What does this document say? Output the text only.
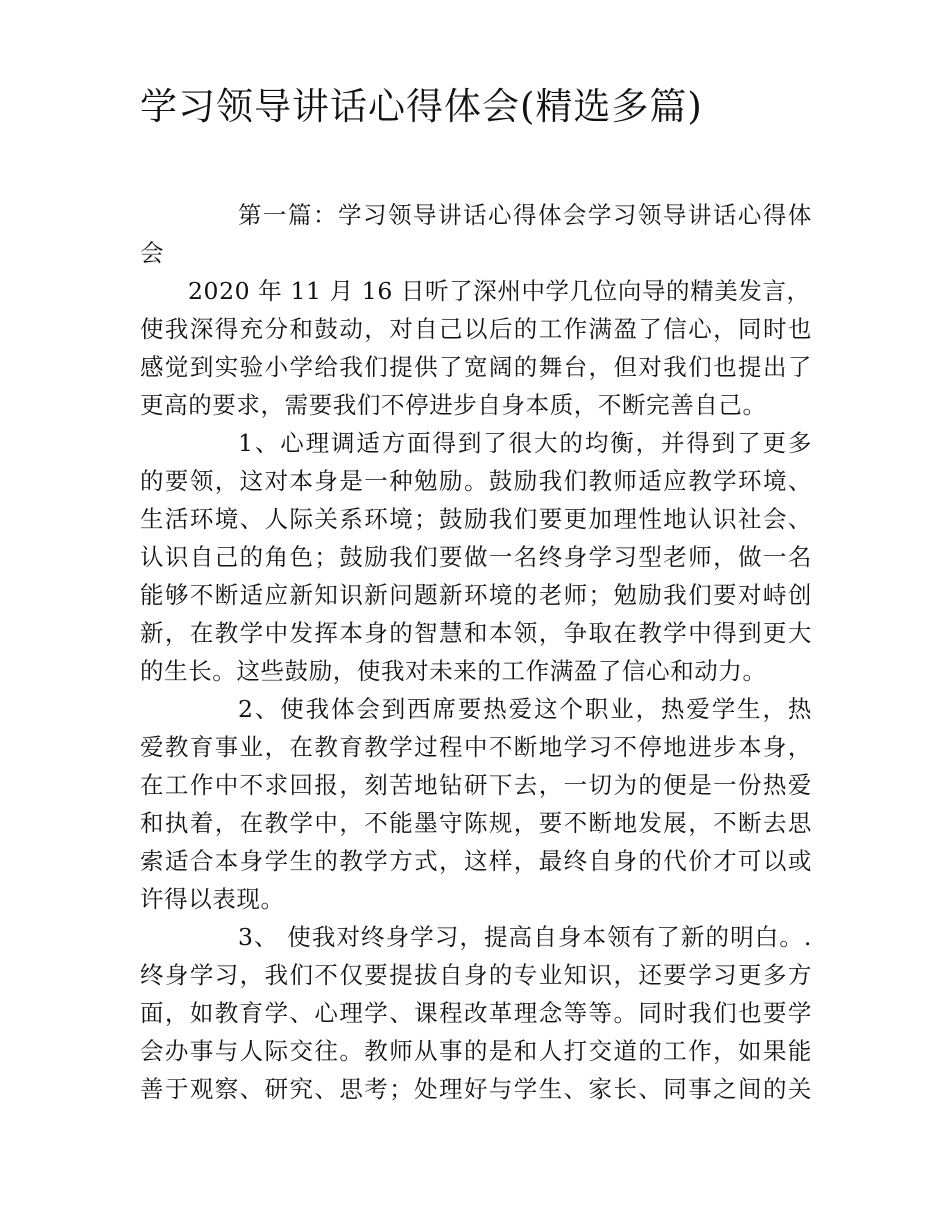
学习领导讲话心得体会(精选多篇)
第一篇：学习领导讲话心得体会学习领导讲话心得体
会
2020 年 11 月 16 日听了深州中学几位向导的精美发言，
使我深得充分和鼓动，对自己以后的工作满盈了信心，同时也
感觉到实验小学给我们提供了宽阔的舞台，但对我们也提出了
更高的要求，需要我们不停进步自身本质，不断完善自己。
1、心理调适方面得到了很大的均衡，并得到了更多
的要领，这对本身是一种勉励。鼓励我们教师适应教学环境、
生活环境、人际关系环境；鼓励我们要更加理性地认识社会、
认识自己的角色；鼓励我们要做一名终身学习型老师，做一名
能够不断适应新知识新问题新环境的老师；勉励我们要对峙创
新，在教学中发挥本身的智慧和本领，争取在教学中得到更大
的生长。这些鼓励，使我对未来的工作满盈了信心和动力。
2、使我体会到西席要热爱这个职业，热爱学生，热
爱教育事业，在教育教学过程中不断地学习不停地进步本身，
在工作中不求回报，刻苦地钻研下去，一切为的便是一份热爱
和执着，在教学中，不能墨守陈规，要不断地发展，不断去思
索适合本身学生的教学方式，这样，最终自身的代价才可以或
许得以表现。
3、 使我对终身学习，提高自身本领有了新的明白。.
终身学习，我们不仅要提拔自身的专业知识，还要学习更多方
面，如教育学、心理学、课程改革理念等等。同时我们也要学
会办事与人际交往。教师从事的是和人打交道的工作，如果能
善于观察、研究、思考；处理好与学生、家长、同事之间的关
